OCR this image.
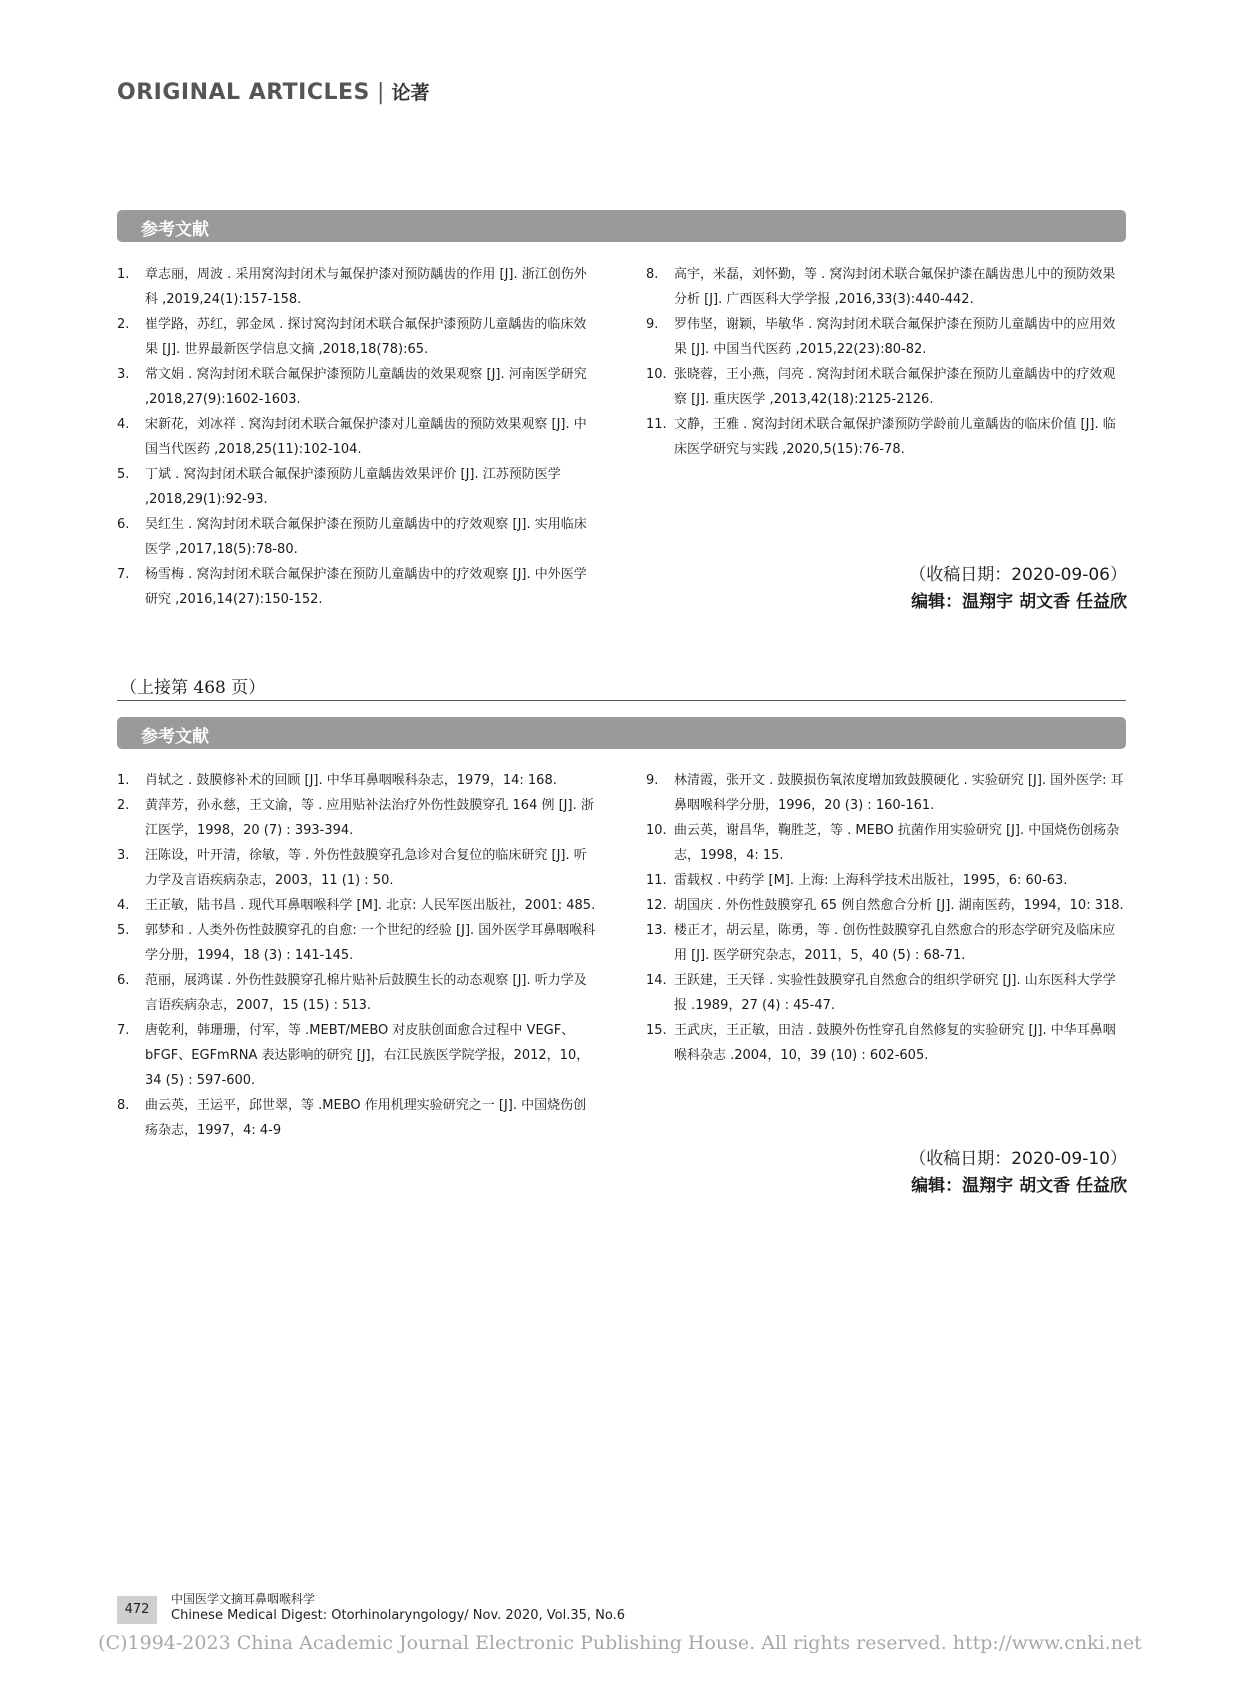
ORIGINAL ARTICLES | 论著
参考文献
1. 章志丽，周波 . 采用窝沟封闭术与氟保护漆对预防龋齿的作用 [J]. 浙江创伤外科 ,2019,24(1):157-158.
2. 崔学路，苏红，郭金凤 . 探讨窝沟封闭术联合氟保护漆预防儿童龋齿的临床效果 [J]. 世界最新医学信息文摘 ,2018,18(78):65.
3. 常文娟 . 窝沟封闭术联合氟保护漆预防儿童龋齿的效果观察 [J]. 河南医学研究 ,2018,27(9):1602-1603.
4. 宋新花，刘冰祥 . 窝沟封闭术联合氟保护漆对儿童龋齿的预防效果观察 [J]. 中国当代医药 ,2018,25(11):102-104.
5. 丁斌 . 窝沟封闭术联合氟保护漆预防儿童龋齿效果评价 [J]. 江苏预防医学 ,2018,29(1):92-93.
6. 吴红生 . 窝沟封闭术联合氟保护漆在预防儿童龋齿中的疗效观察 [J]. 实用临床医学 ,2017,18(5):78-80.
7. 杨雪梅 . 窝沟封闭术联合氟保护漆在预防儿童龋齿中的疗效观察 [J]. 中外医学研究 ,2016,14(27):150-152.
8. 高宇，米磊，刘怀勤，等 . 窝沟封闭术联合氟保护漆在龋齿患儿中的预防效果分析 [J]. 广西医科大学学报 ,2016,33(3):440-442.
9. 罗伟坚，谢颖，毕敏华 . 窝沟封闭术联合氟保护漆在预防儿童龋齿中的应用效果 [J]. 中国当代医药 ,2015,22(23):80-82.
10. 张晓蓉，王小燕，闫亮 . 窝沟封闭术联合氟保护漆在预防儿童龋齿中的疗效观察 [J]. 重庆医学 ,2013,42(18):2125-2126.
11. 文静，王雅 . 窝沟封闭术联合氟保护漆预防学龄前儿童龋齿的临床价值 [J]. 临床医学研究与实践 ,2020,5(15):76-78.
（收稿日期：2020-09-06）
编辑：温翔宇 胡文香 任益欣
（上接第 468 页）
参考文献
1. 肖轼之 . 鼓膜修补术的回顾 [J]. 中华耳鼻咽喉科杂志，1979，14: 168.
2. 黄萍芳，孙永慈，王文渝，等 . 应用贴补法治疗外伤性鼓膜穿孔 164 例 [J]. 浙江医学，1998，20 (7) : 393-394.
3. 汪陈设，叶开清，徐敏，等 . 外伤性鼓膜穿孔急诊对合复位的临床研究 [J]. 听力学及言语疾病杂志，2003，11 (1) : 50.
4. 王正敏，陆书昌 . 现代耳鼻咽喉科学 [M]. 北京: 人民军医出版社，2001: 485.
5. 郭梦和 . 人类外伤性鼓膜穿孔的自愈: 一个世纪的经验 [J]. 国外医学耳鼻咽喉科学分册，1994，18 (3) : 141-145.
6. 范丽，展鸿谋 . 外伤性鼓膜穿孔棉片贴补后鼓膜生长的动态观察 [J]. 听力学及言语疾病杂志，2007，15 (15) : 513.
7. 唐乾利，韩珊珊，付军，等 .MEBT/MEBO 对皮肤创面愈合过程中 VEGF、bFGF、EGFmRNA 表达影响的研究 [J]，右江民族医学院学报，2012，10，34 (5) : 597-600.
8. 曲云英，王运平，邱世翠，等 .MEBO 作用机理实验研究之一 [J]. 中国烧伤创疡杂志，1997，4: 4-9
9. 林清霞，张开文 . 鼓膜损伤氧浓度增加致鼓膜硬化 . 实验研究 [J]. 国外医学: 耳鼻咽喉科学分册，1996，20 (3) : 160-161.
10. 曲云英，谢昌华，鞠胜芝，等 . MEBO 抗菌作用实验研究 [J]. 中国烧伤创疡杂志，1998，4: 15.
11. 雷载权 . 中药学 [M]. 上海: 上海科学技术出版社，1995，6: 60-63.
12. 胡国庆 . 外伤性鼓膜穿孔 65 例自然愈合分析 [J]. 湖南医药，1994，10: 318.
13. 楼正才，胡云星，陈勇，等 . 创伤性鼓膜穿孔自然愈合的形态学研究及临床应用 [J]. 医学研究杂志，2011，5，40 (5) : 68-71.
14. 王跃建，王天铎 . 实验性鼓膜穿孔自然愈合的组织学研究 [J]. 山东医科大学学报 .1989，27 (4) : 45-47.
15. 王武庆，王正敏，田洁 . 鼓膜外伤性穿孔自然修复的实验研究 [J]. 中华耳鼻咽喉科杂志 .2004，10，39 (10) : 602-605.
（收稿日期：2020-09-10）
编辑：温翔宇 胡文香 任益欣
472
中国医学文摘耳鼻咽喉科学
Chinese Medical Digest: Otorhinolaryngology/ Nov. 2020, Vol.35, No.6
(C)1994-2023 China Academic Journal Electronic Publishing House. All rights reserved. http://www.cnki.net
